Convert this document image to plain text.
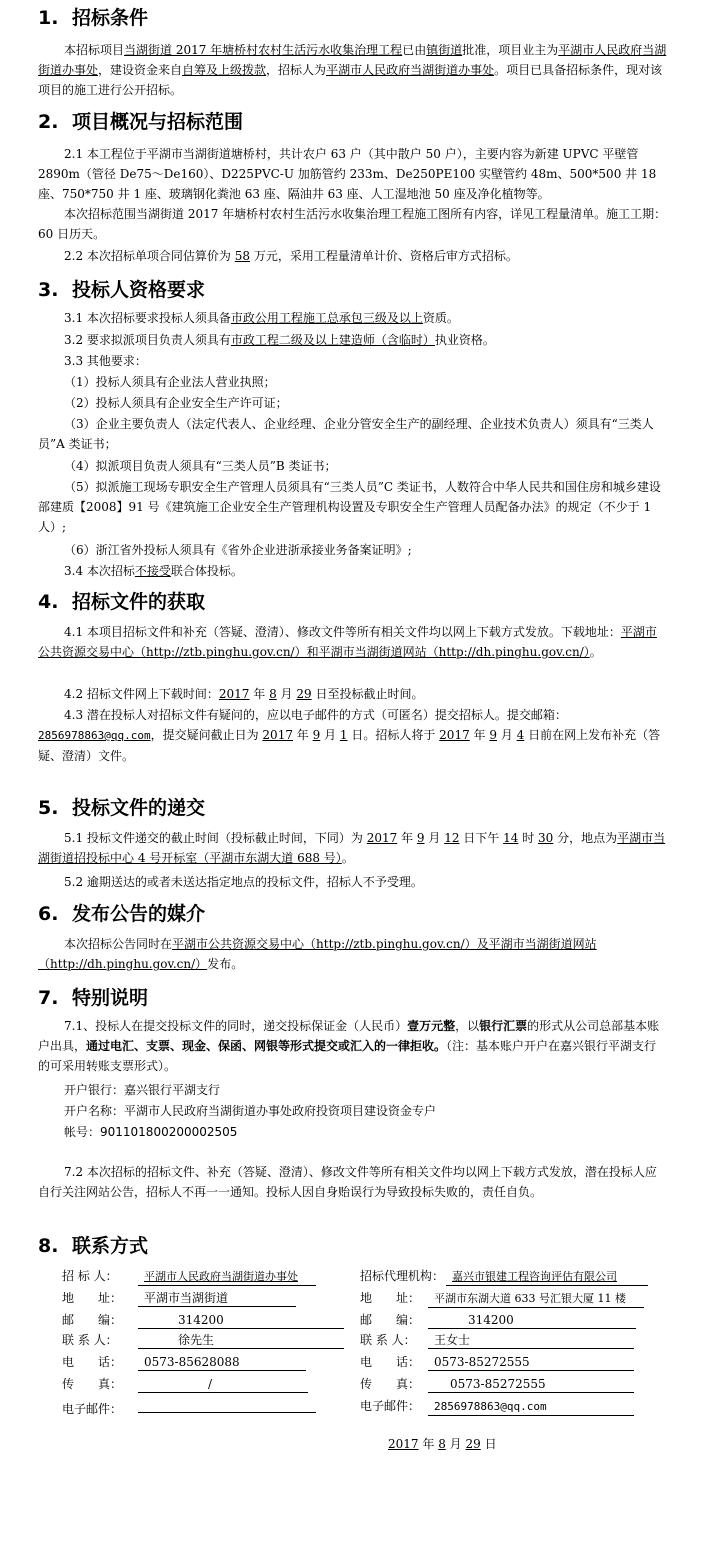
1. 招标条件

本招标项目当湖街道 2017 年塘桥村农村生活污水收集治理工程已由镇街道批准，项目业主为平湖市人民政府当湖街道办事处，建设资金来自自筹及上级拨款，招标人为平湖市人民政府当湖街道办事处。项目已具备招标条件，现对该项目的施工进行公开招标。

2. 项目概况与招标范围

2.1 本工程位于平湖市当湖街道塘桥村，共计农户 63 户（其中散户 50 户），主要内容为新建 UPVC 平壁管 2890m（管径 De75～De160）、D225PVC-U 加筋管约 233m、De250PE100 实壁管约 48m、500*500 井 18 座、750*750 井 1 座、玻璃钢化粪池 63 座、隔油井 63 座、人工湿地池 50 座及净化植物等。

本次招标范围当湖街道 2017 年塘桥村农村生活污水收集治理工程施工图所有内容，详见工程量清单。施工工期：60 日历天。

2.2 本次招标单项合同估算价为 58 万元，采用工程量清单计价、资格后审方式招标。

3. 投标人资格要求

3.1 本次招标要求投标人须具备市政公用工程施工总承包三级及以上资质。

3.2 要求拟派项目负责人须具有市政工程二级及以上建造师（含临时）执业资格。

3.3 其他要求：

（1）投标人须具有企业法人营业执照；

（2）投标人须具有企业安全生产许可证；

（3）企业主要负责人（法定代表人、企业经理、企业分管安全生产的副经理、企业技术负责人）须具有“三类人员”A 类证书；

（4）拟派项目负责人须具有“三类人员”B 类证书；

（5）拟派施工现场专职安全生产管理人员须具有“三类人员”C 类证书，人数符合中华人民共和国住房和城乡建设部建质【2008】91 号《建筑施工企业安全生产管理机构设置及专职安全生产管理人员配备办法》的规定（不少于 1 人）;

（6）浙江省外投标人须具有《省外企业进浙承接业务备案证明》;

3.4 本次招标不接受联合体投标。

4. 招标文件的获取

4.1 本项目招标文件和补充（答疑、澄清）、修改文件等所有相关文件均以网上下载方式发放。下载地址：平湖市公共资源交易中心（http://ztb.pinghu.gov.cn/）和平湖市当湖街道网站（http://dh.pinghu.gov.cn/）。

4.2 招标文件网上下载时间：2017 年 8 月 29 日至投标截止时间。

4.3 潜在投标人对招标文件有疑问的，应以电子邮件的方式（可匿名）提交招标人。提交邮箱：2856978863@qq.com，提交疑问截止日为 2017 年 9 月 1 日。招标人将于 2017 年 9 月 4 日前在网上发布补充（答疑、澄清）文件。

5. 投标文件的递交

5.1 投标文件递交的截止时间（投标截止时间，下同）为 2017 年 9 月 12 日下午 14 时 30 分，地点为平湖市当湖街道招投标中心 4 号开标室（平湖市东湖大道 688 号）。

5.2 逾期送达的或者未送达指定地点的投标文件，招标人不予受理。

6. 发布公告的媒介

本次招标公告同时在平湖市公共资源交易中心（http://ztb.pinghu.gov.cn/）及平湖市当湖街道网站（http://dh.pinghu.gov.cn/）发布。

7. 特别说明

7.1、投标人在提交投标文件的同时，递交投标保证金（人民币）壹万元整，以银行汇票的形式从公司总部基本账户出具，通过电汇、支票、现金、保函、网银等形式提交或汇入的一律拒收。（注：基本账户开户在嘉兴银行平湖支行的可采用转账支票形式）。

开户银行：嘉兴银行平湖支行

开户名称：平湖市人民政府当湖街道办事处政府投资项目建设资金专户

帐号：901101800200002505

7.2 本次招标的招标文件、补充（答疑、澄清）、修改文件等所有相关文件均以网上下载方式发放，潜在投标人应自行关注网站公告，招标人不再一一通知。投标人因自身贻误行为导致投标失败的，责任自负。

8. 联系方式
招 标 人： 平湖市人民政府当湖街道办事处
地　　址： 平湖市当湖街道
邮　　编：	314200
联 系 人：	徐先生
电　　话： 0573-85628088
传　　真：	/
电子邮件：
招标代理机构： 嘉兴市银建工程咨询评估有限公司
地　　址： 平湖市东湖大道 633 号汇银大厦 11 楼
邮　　编：	314200
联 系 人： 王女士
电　　话： 0573-85272555
传　　真： 0573-85272555
电子邮件： 2856978863@qq.com
2017 年 8 月 29 日
